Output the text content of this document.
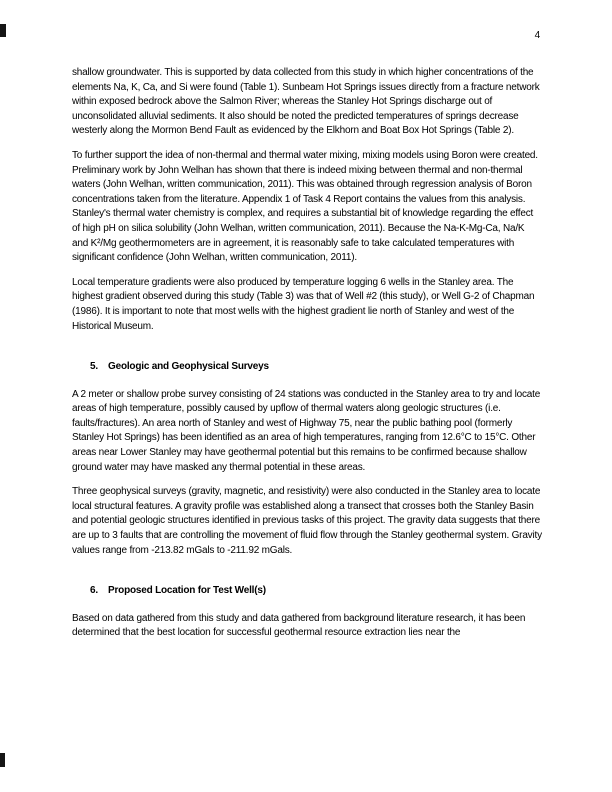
4

shallow groundwater. This is supported by data collected from this study in which higher concentrations of the elements Na, K, Ca, and Si were found (Table 1). Sunbeam Hot Springs issues directly from a fracture network within exposed bedrock above the Salmon River; whereas the Stanley Hot Springs discharge out of unconsolidated alluvial sediments. It also should be noted the predicted temperatures of springs decrease westerly along the Mormon Bend Fault as evidenced by the Elkhorn and Boat Box Hot Springs (Table 2).

To further support the idea of non-thermal and thermal water mixing, mixing models using Boron were created. Preliminary work by John Welhan has shown that there is indeed mixing between thermal and non-thermal waters (John Welhan, written communication, 2011). This was obtained through regression analysis of Boron concentrations taken from the literature. Appendix 1 of Task 4 Report contains the values from this analysis. Stanley's thermal water chemistry is complex, and requires a substantial bit of knowledge regarding the effect of high pH on silica solubility (John Welhan, written communication, 2011). Because the Na-K-Mg-Ca, Na/K and K²/Mg geothermometers are in agreement, it is reasonably safe to take calculated temperatures with significant confidence (John Welhan, written communication, 2011).

Local temperature gradients were also produced by temperature logging 6 wells in the Stanley area. The highest gradient observed during this study (Table 3) was that of Well #2 (this study), or Well G-2 of Chapman (1986). It is important to note that most wells with the highest gradient lie north of Stanley and west of the Historical Museum.

5.	Geologic and Geophysical Surveys

A 2 meter or shallow probe survey consisting of 24 stations was conducted in the Stanley area to try and locate areas of high temperature, possibly caused by upflow of thermal waters along geologic structures (i.e. faults/fractures). An area north of Stanley and west of Highway 75, near the public bathing pool (formerly Stanley Hot Springs) has been identified as an area of high temperatures, ranging from 12.6°C to 15°C. Other areas near Lower Stanley may have geothermal potential but this remains to be confirmed because shallow ground water may have masked any thermal potential in these areas.

Three geophysical surveys (gravity, magnetic, and resistivity) were also conducted in the Stanley area to locate local structural features. A gravity profile was established along a transect that crosses both the Stanley Basin and potential geologic structures identified in previous tasks of this project. The gravity data suggests that there are up to 3 faults that are controlling the movement of fluid flow through the Stanley geothermal system. Gravity values range from -213.82 mGals to -211.92 mGals.

6.	Proposed Location for Test Well(s)

Based on data gathered from this study and data gathered from background literature research, it has been determined that the best location for successful geothermal resource extraction lies near the
